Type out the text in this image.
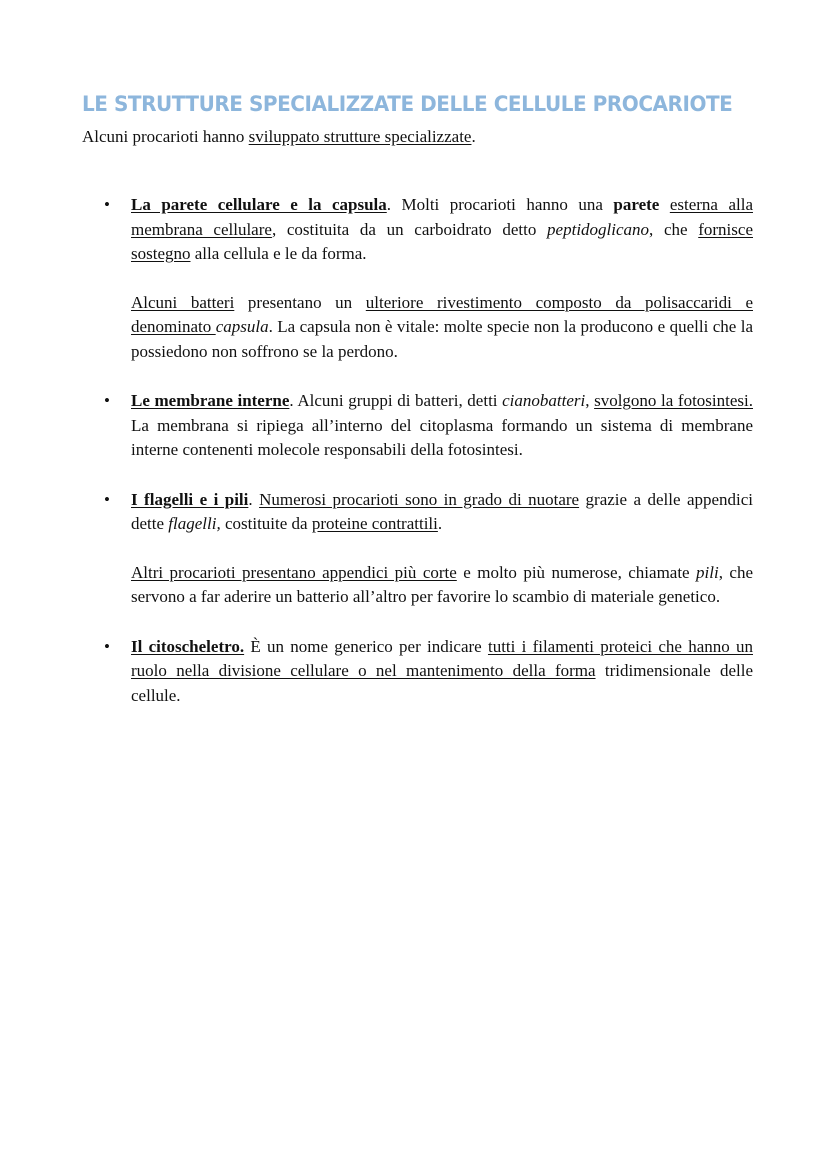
LE STRUTTURE SPECIALIZZATE DELLE CELLULE PROCARIOTE

Alcuni procarioti hanno sviluppato strutture specializzate.

• La parete cellulare e la capsula. Molti procarioti hanno una parete esterna alla membrana cellulare, costituita da un carboidrato detto peptidoglicano, che fornisce sostegno alla cellula e le da forma.

Alcuni batteri presentano un ulteriore rivestimento composto da polisaccaridi e denominato capsula. La capsula non è vitale: molte specie non la producono e quelli che la possiedono non soffrono se la perdono.

• Le membrane interne. Alcuni gruppi di batteri, detti cianobatteri, svolgono la fotosintesi. La membrana si ripiega all’interno del citoplasma formando un sistema di membrane interne contenenti molecole responsabili della fotosintesi.

• I flagelli e i pili. Numerosi procarioti sono in grado di nuotare grazie a delle appendici dette flagelli, costituite da proteine contrattili.

Altri procarioti presentano appendici più corte e molto più numerose, chiamate pili, che servono a far aderire un batterio all’altro per favorire lo scambio di materiale genetico.

• Il citoscheletro. È un nome generico per indicare tutti i filamenti proteici che hanno un ruolo nella divisione cellulare o nel mantenimento della forma tridimensionale delle cellule.
